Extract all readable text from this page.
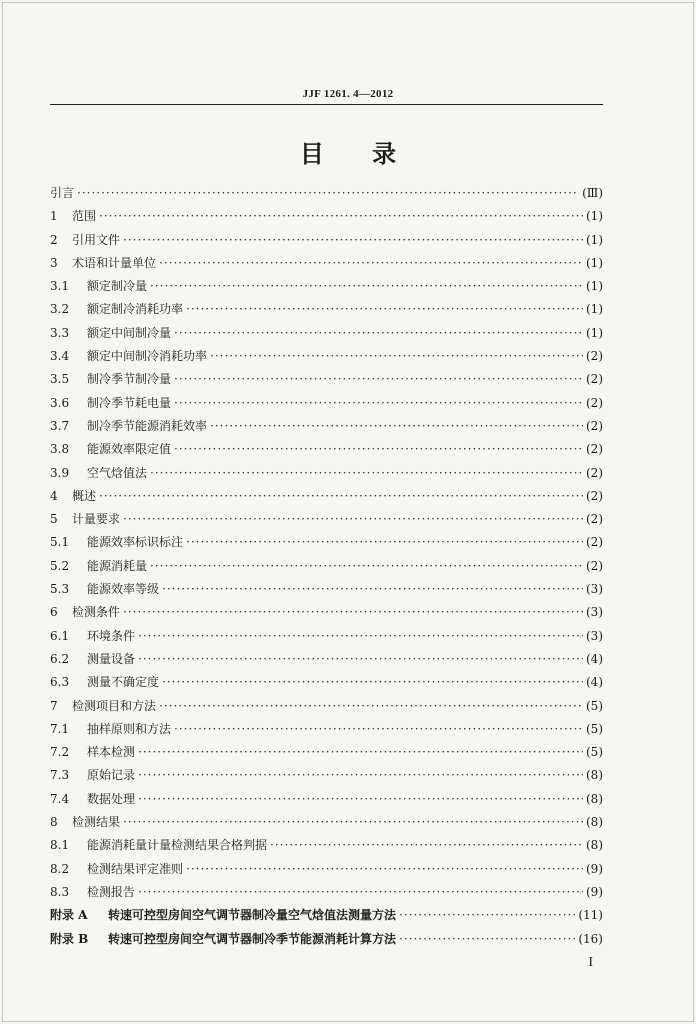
JJF 1261. 4—2012
目 录
引言 ·····	(Ⅲ)
1	范围 ·····	(1)
2	引用文件 ·····	(1)
3	术语和计量单位 ·····	(1)
3.1	额定制冷量 ·····	(1)
3.2	额定制冷消耗功率 ·····	(1)
3.3	额定中间制冷量 ·····	(1)
3.4	额定中间制冷消耗功率 ·····	(2)
3.5	制冷季节制冷量 ·····	(2)
3.6	制冷季节耗电量 ·····	(2)
3.7	制冷季节能源消耗效率 ·····	(2)
3.8	能源效率限定值 ·····	(2)
3.9	空气焓值法 ·····	(2)
4	概述 ·····	(2)
5	计量要求 ·····	(2)
5.1	能源效率标识标注 ·····	(2)
5.2	能源消耗量 ·····	(2)
5.3	能源效率等级 ·····	(3)
6	检测条件 ·····	(3)
6.1	环境条件 ·····	(3)
6.2	测量设备 ·····	(4)
6.3	测量不确定度 ·····	(4)
7	检测项目和方法 ·····	(5)
7.1	抽样原则和方法 ·····	(5)
7.2	样本检测 ·····	(5)
7.3	原始记录 ·····	(8)
7.4	数据处理 ·····	(8)
8	检测结果 ·····	(8)
8.1	能源消耗量计量检测结果合格判据 ·····	(8)
8.2	检测结果评定准则 ·····	(9)
8.3	检测报告 ·····	(9)
附录 A	转速可控型房间空气调节器制冷量空气焓值法测量方法 ·····	(11)
附录 B	转速可控型房间空气调节器制冷季节能源消耗计算方法 ·····	(16)
I
